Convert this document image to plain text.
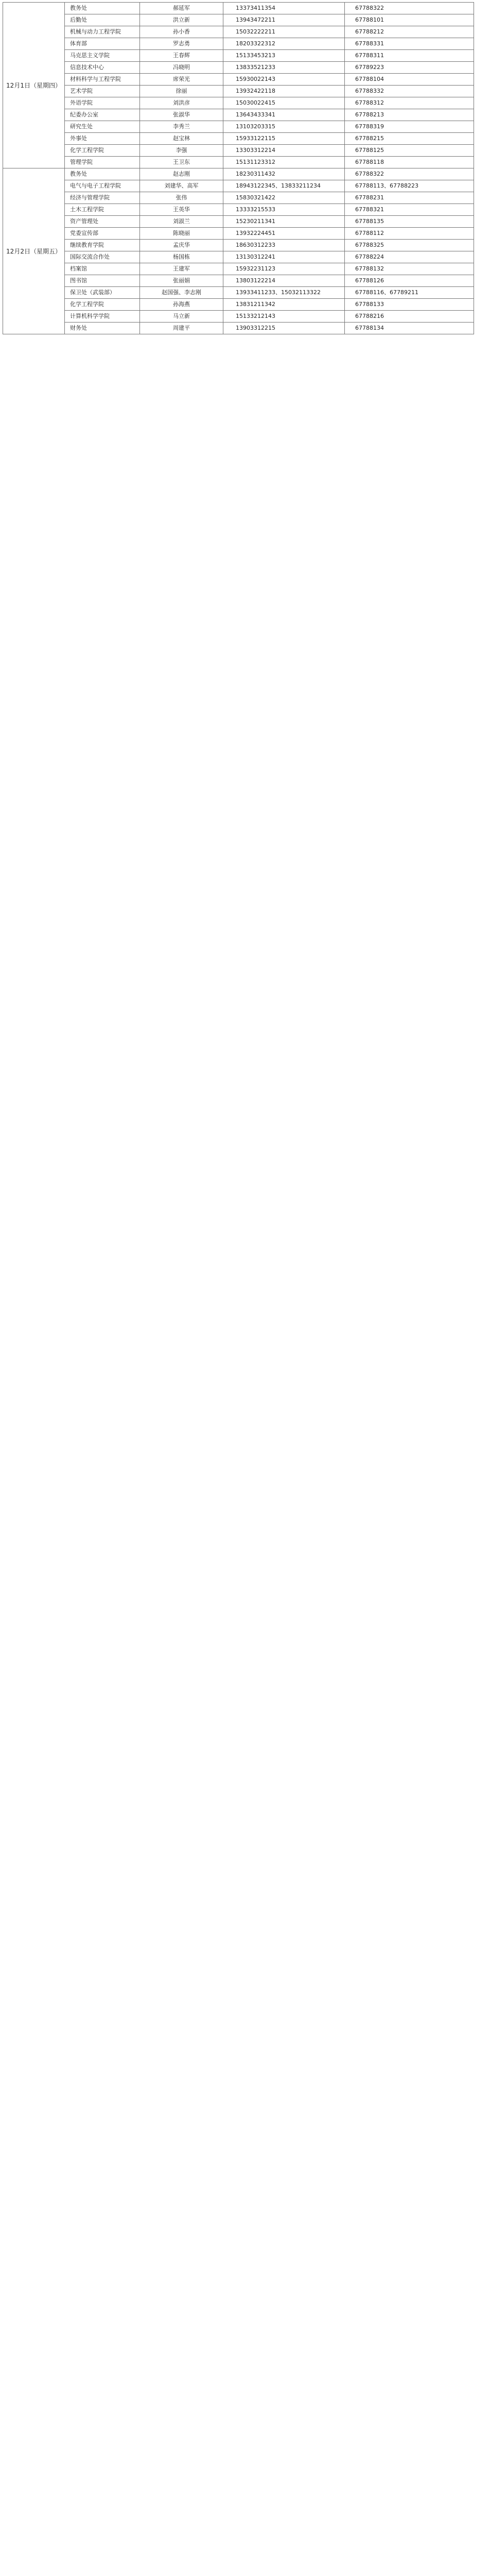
12月1日（星期四）	教务处	郝延军	13373411354	67788322
	后勤处	洪立新	13943472211	67788101
	机械与动力工程学院	孙小香	15032222211	67788212
	体育部	罗志勇	18203322312	67788331
	马克思主义学院	王春辉	15133453213	67788311
	信息技术中心	冯晓明	13833521233	67789223
	材料科学与工程学院	席荣光	15930022143	67788104
	艺术学院	徐丽	13932422118	67788332
	外语学院	刘洪彦	15030022415	67788312
	纪委办公室	张淑华	13643433341	67788213
	研究生处	李秀兰	13103203315	67788319
	外事处	赵宝林	15933122115	67788215
	化学工程学院	李强	13303312214	67788125
	管理学院	王卫东	15131123312	67788118
12月2日（星期五）	教务处	赵志刚	18230311432	67788322
	电气与电子工程学院	刘建华、高军	18943122345、13833211234	67788113、67788223
	经济与管理学院	张伟	15830321422	67788231
	土木工程学院	王英华	13333215533	67788321
	资产管理处	刘淑兰	15230211341	67788135
	党委宣传部	陈晓丽	13932224451	67788112
	继续教育学院	孟庆华	18630312233	67788325
	国际交流合作处	杨国栋	13130312241	67788224
	档案馆	王建军	15932231123	67788132
	图书馆	张丽娟	13803122214	67788126
	保卫处（武装部）	赵国强、李志刚	13933411233、15032113322	67788116、67789211
	化学工程学院	孙海燕	13831211342	67788133
	计算机科学学院	马立新	15133212143	67788216
	财务处	周建平	13903312215	67788134
